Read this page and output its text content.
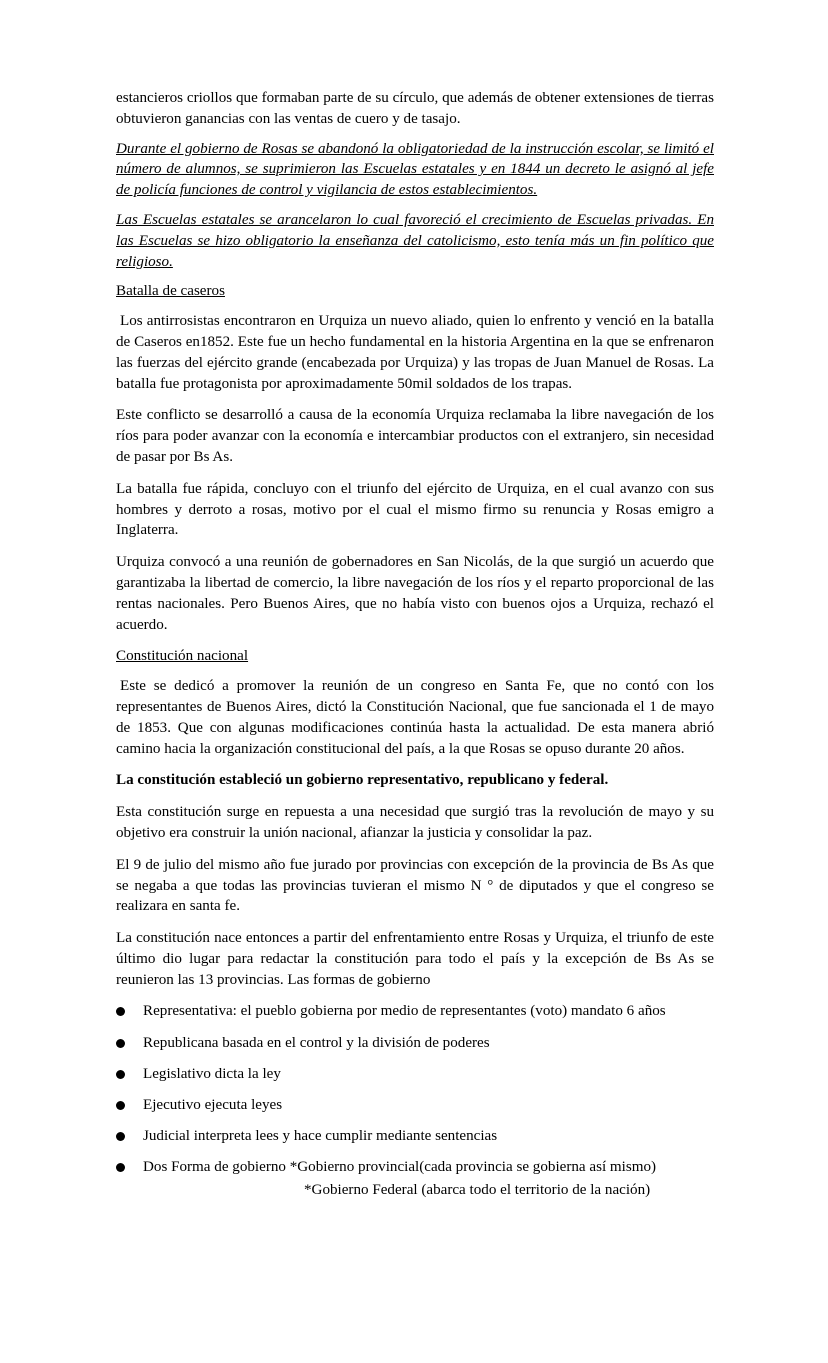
estancieros criollos que formaban parte de su círculo, que además de obtener extensiones de tierras obtuvieron ganancias con las ventas de cuero y de tasajo.

Durante el gobierno de Rosas se abandonó la obligatoriedad de la instrucción escolar, se limitó el número de alumnos, se suprimieron las Escuelas estatales y en 1844 un decreto le asignó al jefe de policía funciones de control y vigilancia de estos establecimientos.

Las Escuelas estatales se arancelaron lo cual favoreció el crecimiento de Escuelas privadas. En las Escuelas se hizo obligatorio la enseñanza del catolicismo, esto tenía más un fin político que religioso.

Batalla de caseros

Los antirrosistas encontraron en Urquiza un nuevo aliado, quien lo enfrento y venció en la batalla de Caseros en1852. Este fue un hecho fundamental en la historia Argentina en la que se enfrenaron las fuerzas del ejército grande (encabezada por Urquiza) y las tropas de Juan Manuel de Rosas. La batalla fue protagonista por aproximadamente 50mil soldados de los trapas.

Este conflicto se desarrolló a causa de la economía Urquiza reclamaba la libre navegación de los ríos para poder avanzar con la economía e intercambiar productos con el extranjero, sin necesidad de pasar por Bs As.

La batalla fue rápida, concluyo con el triunfo del ejército de Urquiza, en el cual avanzo con sus hombres y derroto a rosas, motivo por el cual el mismo firmo su renuncia y Rosas emigro a Inglaterra.

Urquiza convocó a una reunión de gobernadores en San Nicolás, de la que surgió un acuerdo que garantizaba la libertad de comercio, la libre navegación de los ríos y el reparto proporcional de las rentas nacionales. Pero Buenos Aires, que no había visto con buenos ojos a Urquiza, rechazó el acuerdo.

Constitución nacional

Este se dedicó a promover la reunión de un congreso en Santa Fe, que no contó con los representantes de Buenos Aires, dictó la Constitución Nacional, que fue sancionada el 1 de mayo de 1853. Que con algunas modificaciones continúa hasta la actualidad. De esta manera abrió camino hacia la organización constitucional del país, a la que Rosas se opuso durante 20 años.

La constitución estableció un gobierno representativo, republicano y federal.

Esta constitución surge en repuesta a una necesidad que surgió tras la revolución de mayo y su objetivo era construir la unión nacional, afianzar la justicia y consolidar la paz.

El 9 de julio del mismo año fue jurado por provincias con excepción de la provincia de Bs As que se negaba a que todas las provincias tuvieran el mismo N ° de diputados y que el congreso se realizara en santa fe.

La constitución nace entonces a partir del enfrentamiento entre Rosas y Urquiza, el triunfo de este último dio lugar para redactar la constitución para todo el país y la excepción de Bs As se reunieron las 13 provincias. Las formas de gobierno

Representativa: el pueblo gobierna por medio de representantes (voto) mandato 6 años
Republicana basada en el control y la división de poderes
Legislativo dicta la ley
Ejecutivo ejecuta leyes
Judicial interpreta lees y hace cumplir mediante sentencias
Dos Forma de gobierno *Gobierno provincial(cada provincia se gobierna así mismo)
*Gobierno Federal (abarca todo el territorio de la nación)
